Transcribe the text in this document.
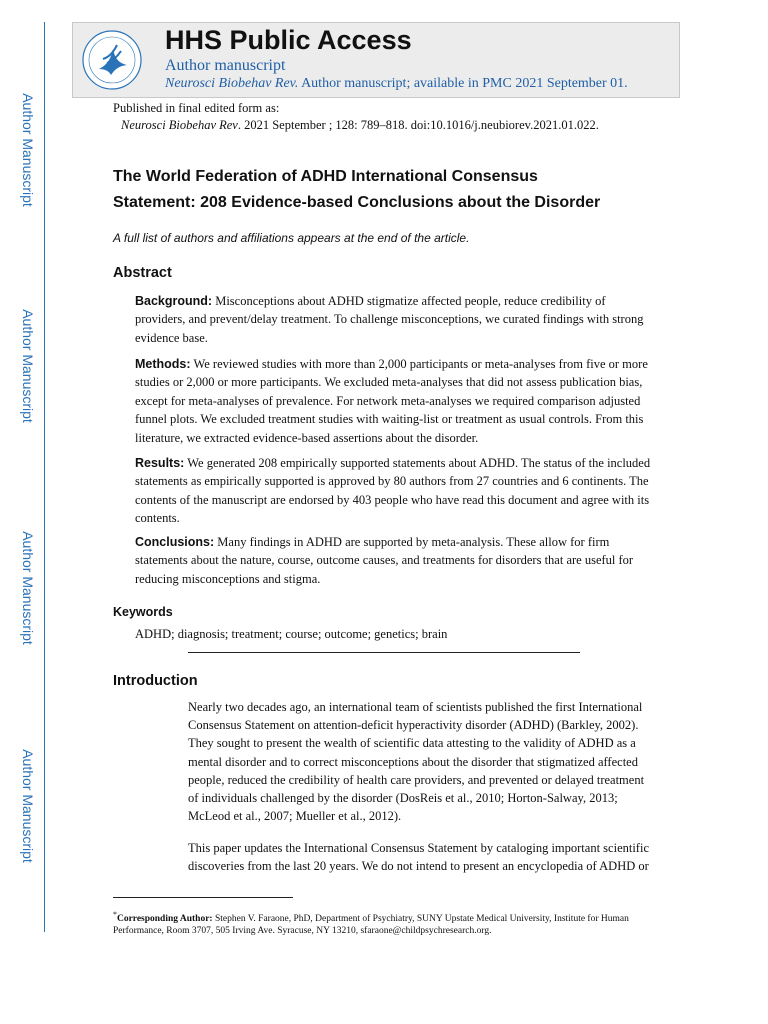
Author Manuscript
Author Manuscript
Author Manuscript
Author Manuscript
HHS Public Access
Author manuscript
Neurosci Biobehav Rev. Author manuscript; available in PMC 2021 September 01.
Published in final edited form as:
Neurosci Biobehav Rev. 2021 September ; 128: 789–818. doi:10.1016/j.neubiorev.2021.01.022.
The World Federation of ADHD International Consensus
Statement: 208 Evidence-based Conclusions about the Disorder
A full list of authors and affiliations appears at the end of the article.
Abstract
Background: Misconceptions about ADHD stigmatize affected people, reduce credibility of providers, and prevent/delay treatment. To challenge misconceptions, we curated findings with strong evidence base.
Methods: We reviewed studies with more than 2,000 participants or meta-analyses from five or more studies or 2,000 or more participants. We excluded meta-analyses that did not assess publication bias, except for meta-analyses of prevalence. For network meta-analyses we required comparison adjusted funnel plots. We excluded treatment studies with waiting-list or treatment as usual controls. From this literature, we extracted evidence-based assertions about the disorder.
Results: We generated 208 empirically supported statements about ADHD. The status of the included statements as empirically supported is approved by 80 authors from 27 countries and 6 continents. The contents of the manuscript are endorsed by 403 people who have read this document and agree with its contents.
Conclusions: Many findings in ADHD are supported by meta-analysis. These allow for firm statements about the nature, course, outcome causes, and treatments for disorders that are useful for reducing misconceptions and stigma.
Keywords
ADHD; diagnosis; treatment; course; outcome; genetics; brain
Introduction
Nearly two decades ago, an international team of scientists published the first International Consensus Statement on attention-deficit hyperactivity disorder (ADHD) (Barkley, 2002). They sought to present the wealth of scientific data attesting to the validity of ADHD as a mental disorder and to correct misconceptions about the disorder that stigmatized affected people, reduced the credibility of health care providers, and prevented or delayed treatment of individuals challenged by the disorder (DosReis et al., 2010; Horton-Salway, 2013; McLeod et al., 2007; Mueller et al., 2012).
This paper updates the International Consensus Statement by cataloging important scientific discoveries from the last 20 years. We do not intend to present an encyclopedia of ADHD or
*Corresponding Author: Stephen V. Faraone, PhD, Department of Psychiatry, SUNY Upstate Medical University, Institute for Human Performance, Room 3707, 505 Irving Ave. Syracuse, NY 13210, sfaraone@childpsychresearch.org.
